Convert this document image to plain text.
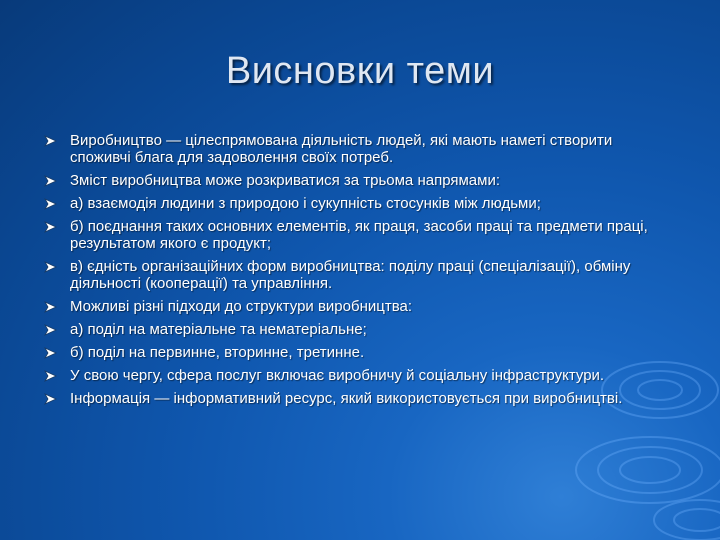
Висновки теми
Виробництво — цілеспрямована діяльність людей, які мають наметі створити споживчі блага для задоволення своїх потреб.
Зміст виробництва може розкриватися за трьома напрямами:
а) взаємодія людини з природою і сукупність стосунків між людьми;
б) поєднання таких основних елементів, як праця, засоби праці та предмети праці, результатом якого є продукт;
в) єдність організаційних форм виробництва: поділу праці (спеціалізації), обміну діяльності (кооперації) та управління.
Можливі різні підходи до структури виробництва:
а) поділ на матеріальне та нематеріальне;
б) поділ на первинне, вторинне, третинне.
У свою чергу, сфера послуг включає виробничу й соціальну інфраструктури.
Інформація — інформативний ресурс, який використовується при виробництві.
